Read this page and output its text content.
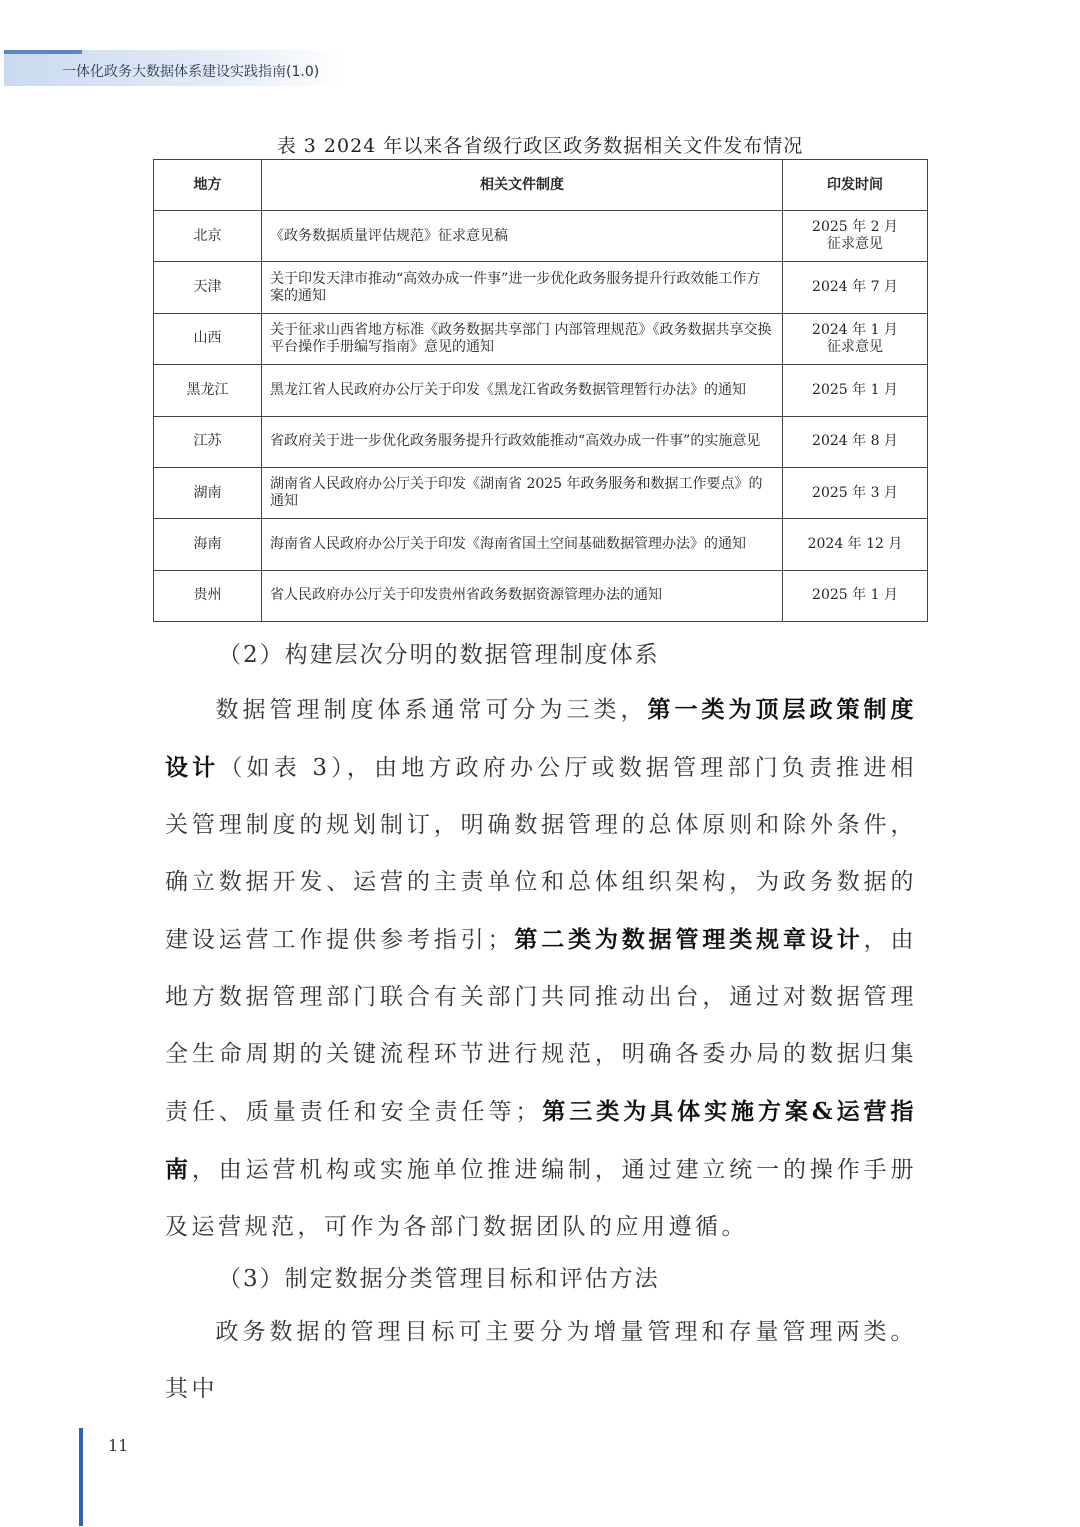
一体化政务大数据体系建设实践指南(1.0)
表 3 2024 年以来各省级行政区政务数据相关文件发布情况
地方	相关文件制度	印发时间
北京	《政务数据质量评估规范》征求意见稿	2025 年 2 月
征求意见

天津	关于印发天津市推动“高效办成一件事”进一步优化政务服务提升行政效能工作方案的通知	2024 年 7 月

山西	关于征求山西省地方标准《政务数据共享部门 内部管理规范》《政务数据共享交换平台操作手册编写指南》意见的通知	2024 年 1 月
征求意见

黑龙江	黑龙江省人民政府办公厅关于印发《黑龙江省政务数据管理暂行办法》的通知	2025 年 1 月

江苏	省政府关于进一步优化政务服务提升行政效能推动“高效办成一件事”的实施意见	2024 年 8 月

湖南	湖南省人民政府办公厅关于印发《湖南省 2025 年政务服务和数据工作要点》的通知	2025 年 3 月

海南	海南省人民政府办公厅关于印发《海南省国土空间基础数据管理办法》的通知	2024 年 12 月

贵州	省人民政府办公厅关于印发贵州省政务数据资源管理办法的通知	2025 年 1 月
（2）构建层次分明的数据管理制度体系

数据管理制度体系通常可分为三类，第一类为顶层政策制度设计（如表 3），由地方政府办公厅或数据管理部门负责推进相关管理制度的规划制订，明确数据管理的总体原则和除外条件，确立数据开发、运营的主责单位和总体组织架构，为政务数据的建设运营工作提供参考指引；第二类为数据管理类规章设计，由地方数据管理部门联合有关部门共同推动出台，通过对数据管理全生命周期的关键流程环节进行规范，明确各委办局的数据归集责任、质量责任和安全责任等；第三类为具体实施方案&运营指南，由运营机构或实施单位推进编制，通过建立统一的操作手册及运营规范，可作为各部门数据团队的应用遵循。

（3）制定数据分类管理目标和评估方法

政务数据的管理目标可主要分为增量管理和存量管理两类。其中

11
